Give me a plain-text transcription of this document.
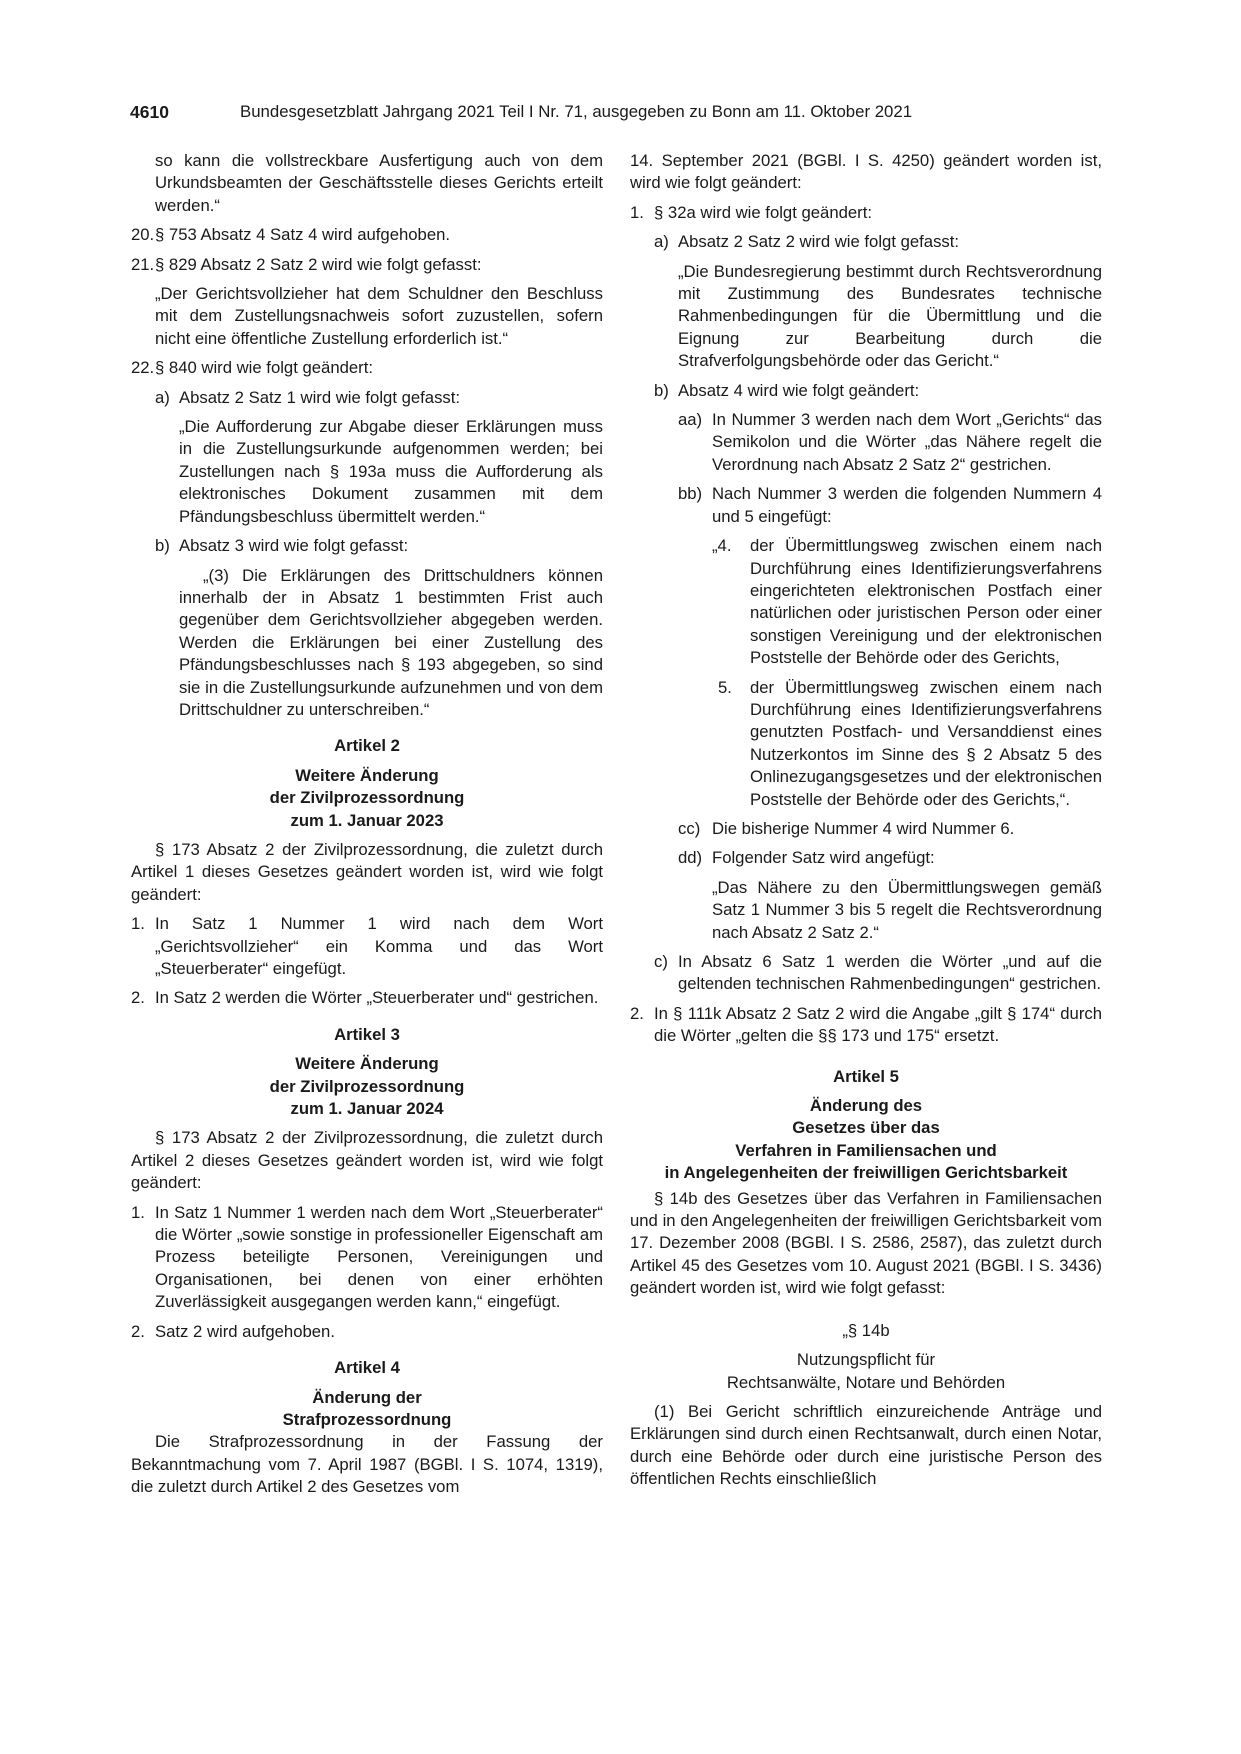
4610	Bundesgesetzblatt Jahrgang 2021 Teil I Nr. 71, ausgegeben zu Bonn am 11. Oktober 2021

so kann die vollstreckbare Ausfertigung auch von dem Urkundsbeamten der Geschäftsstelle dieses Gerichts erteilt werden.“

20. § 753 Absatz 4 Satz 4 wird aufgehoben.

21. § 829 Absatz 2 Satz 2 wird wie folgt gefasst:

„Der Gerichtsvollzieher hat dem Schuldner den Beschluss mit dem Zustellungsnachweis sofort zuzustellen, sofern nicht eine öffentliche Zustellung erforderlich ist.“

22. § 840 wird wie folgt geändert:

a) Absatz 2 Satz 1 wird wie folgt gefasst:

„Die Aufforderung zur Abgabe dieser Erklärungen muss in die Zustellungsurkunde aufgenommen werden; bei Zustellungen nach § 193a muss die Aufforderung als elektronisches Dokument zusammen mit dem Pfändungsbeschluss übermittelt werden.“

b) Absatz 3 wird wie folgt gefasst:

„(3) Die Erklärungen des Drittschuldners können innerhalb der in Absatz 1 bestimmten Frist auch gegenüber dem Gerichtsvollzieher abgegeben werden. Werden die Erklärungen bei einer Zustellung des Pfändungsbeschlusses nach § 193 abgegeben, so sind sie in die Zustellungsurkunde aufzunehmen und von dem Drittschuldner zu unterschreiben.“

Artikel 2

Weitere Änderung

der Zivilprozessordnung

zum 1. Januar 2023

§ 173 Absatz 2 der Zivilprozessordnung, die zuletzt durch Artikel 1 dieses Gesetzes geändert worden ist, wird wie folgt geändert:

1. In Satz 1 Nummer 1 wird nach dem Wort „Gerichtsvollzieher“ ein Komma und das Wort „Steuerberater“ eingefügt.

2. In Satz 2 werden die Wörter „Steuerberater und“ gestrichen.

Artikel 3

Weitere Änderung

der Zivilprozessordnung

zum 1. Januar 2024

§ 173 Absatz 2 der Zivilprozessordnung, die zuletzt durch Artikel 2 dieses Gesetzes geändert worden ist, wird wie folgt geändert:

1. In Satz 1 Nummer 1 werden nach dem Wort „Steuerberater“ die Wörter „sowie sonstige in professioneller Eigenschaft am Prozess beteiligte Personen, Vereinigungen und Organisationen, bei denen von einer erhöhten Zuverlässigkeit ausgegangen werden kann,“ eingefügt.

2. Satz 2 wird aufgehoben.

Artikel 4

Änderung der

Strafprozessordnung

Die Strafprozessordnung in der Fassung der Bekanntmachung vom 7. April 1987 (BGBl. I S. 1074, 1319), die zuletzt durch Artikel 2 des Gesetzes vom

14. September 2021 (BGBl. I S. 4250) geändert worden ist, wird wie folgt geändert:

1. § 32a wird wie folgt geändert:

a) Absatz 2 Satz 2 wird wie folgt gefasst:

„Die Bundesregierung bestimmt durch Rechtsverordnung mit Zustimmung des Bundesrates technische Rahmenbedingungen für die Übermittlung und die Eignung zur Bearbeitung durch die Strafverfolgungsbehörde oder das Gericht.“

b) Absatz 4 wird wie folgt geändert:

aa) In Nummer 3 werden nach dem Wort „Gerichts“ das Semikolon und die Wörter „das Nähere regelt die Verordnung nach Absatz 2 Satz 2“ gestrichen.

bb) Nach Nummer 3 werden die folgenden Nummern 4 und 5 eingefügt:

„4. der Übermittlungsweg zwischen einem nach Durchführung eines Identifizierungsverfahrens eingerichteten elektronischen Postfach einer natürlichen oder juristischen Person oder einer sonstigen Vereinigung und der elektronischen Poststelle der Behörde oder des Gerichts,

5. der Übermittlungsweg zwischen einem nach Durchführung eines Identifizierungsverfahrens genutzten Postfach- und Versanddienst eines Nutzerkontos im Sinne des § 2 Absatz 5 des Onlinezugangsgesetzes und der elektronischen Poststelle der Behörde oder des Gerichts,“.

cc) Die bisherige Nummer 4 wird Nummer 6.

dd) Folgender Satz wird angefügt:

„Das Nähere zu den Übermittlungswegen gemäß Satz 1 Nummer 3 bis 5 regelt die Rechtsverordnung nach Absatz 2 Satz 2.“

c) In Absatz 6 Satz 1 werden die Wörter „und auf die geltenden technischen Rahmenbedingungen“ gestrichen.

2. In § 111k Absatz 2 Satz 2 wird die Angabe „gilt § 174“ durch die Wörter „gelten die §§ 173 und 175“ ersetzt.

Artikel 5

Änderung des

Gesetzes über das

Verfahren in Familiensachen und

in Angelegenheiten der freiwilligen Gerichtsbarkeit

§ 14b des Gesetzes über das Verfahren in Familiensachen und in den Angelegenheiten der freiwilligen Gerichtsbarkeit vom 17. Dezember 2008 (BGBl. I S. 2586, 2587), das zuletzt durch Artikel 45 des Gesetzes vom 10. August 2021 (BGBl. I S. 3436) geändert worden ist, wird wie folgt gefasst:

„§ 14b

Nutzungspflicht für

Rechtsanwälte, Notare und Behörden

(1) Bei Gericht schriftlich einzureichende Anträge und Erklärungen sind durch einen Rechtsanwalt, durch einen Notar, durch eine Behörde oder durch eine juristische Person des öffentlichen Rechts einschließlich
